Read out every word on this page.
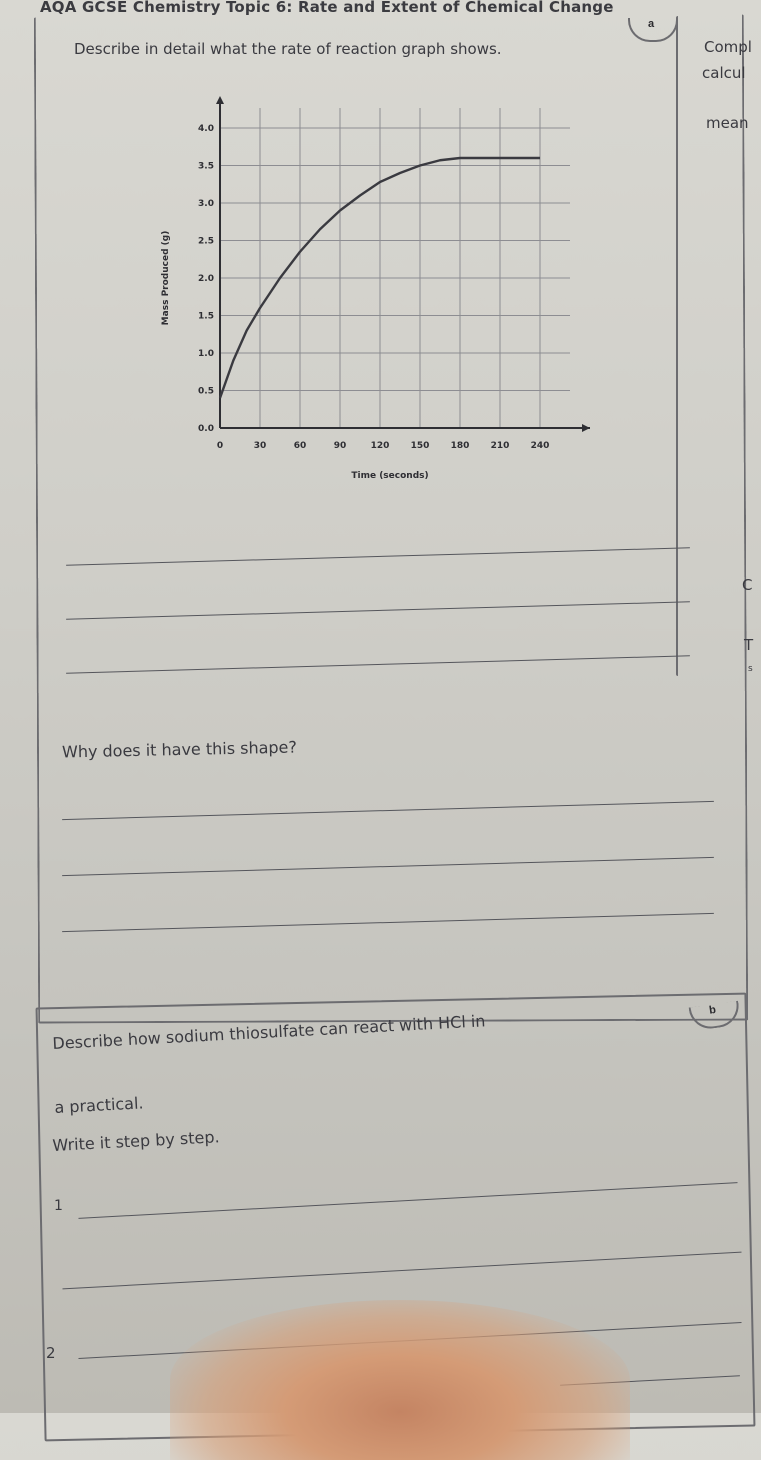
AQA GCSE Chemistry Topic 6: Rate and Extent of Chemical Change
a
Describe in detail what the rate of reaction graph shows.	Compl
calcul
mean
C
T
s
0	30	60	90	120 150 180 210 240
0.0
0.5
1.0
1.5
2.0
2.5
3.0
3.5
4.0
Time (seconds)
Mass Produced (g)
Why does it have this shape?
b
Describe how sodium thiosulfate can react with HCl in
a practical.
Write it step by step.
1
2
